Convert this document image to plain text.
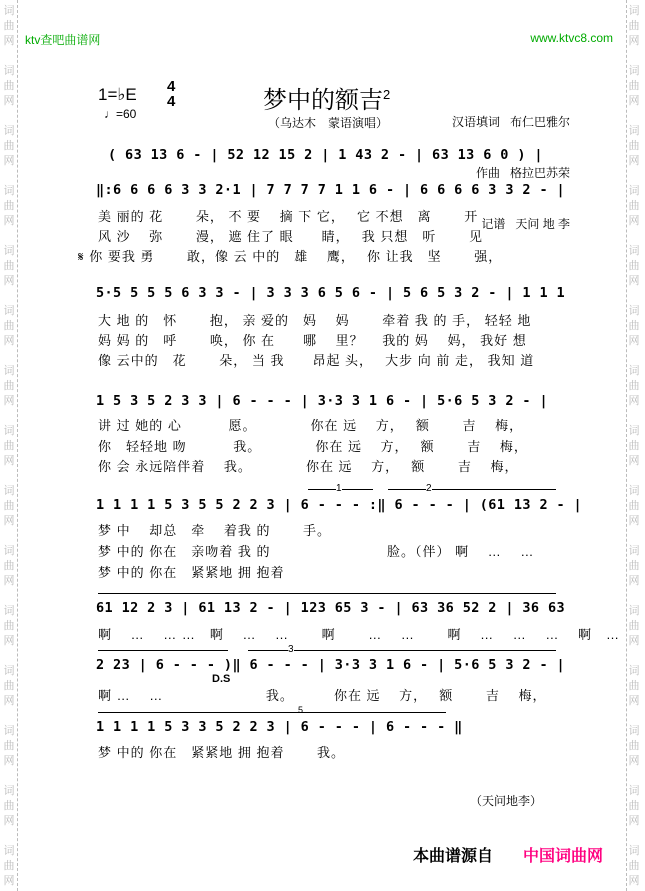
词
曲
网
词
曲
网
词
曲
网
词
曲
网
词
曲
网
词
曲
网
词
曲
网
词
曲
网
词
曲
网
词
曲
网
词
曲
网
词
曲
网
词
曲
网
词
曲
网
词
曲
网
词
曲
网
词
曲
网
词
曲
网
词
曲
网
词
曲
网
词
曲
网
词
曲
网
词
曲
网
词
曲
网
词
曲
网
词
曲
网
词
曲
网
词
曲
网
词
曲
网
词
曲
网
ktv查吧曲谱网	www.ktvc8.com
1=♭E 4
4
♩=60	梦中的额吉$^2$
（乌达木　蒙语演唱）

	汉语填词 布仁巴雅尔

作曲 格拉巴苏荣

记谱 天问 地 李

( 63 13 6 - | 52 12 15 2 | 1 43 2 - | 63 13 6 0 ) |
‖:6 6 6 6 3 3 2·1 | 7 7 7 7 1 1 6 - | 6 6 6 6 3 3 2 - |
美 丽的 花　　 朵， 不 要　 摘 下 它，　 它 不想　离　　 开
风 沙　 弥　　 漫， 遮 住了 眼　　睛，　 我 只想　听　　 见
𝄋 你 要我 勇　　 敢，像 云 中的　雄　 鹰，　 你 让我　坚　　 强，
5·5 5 5 5 6 3 3 - | 3 3 3 6 5 6 - | 5 6 5 3 2 - | 1 1 1
大 地 的　怀　　 抱， 亲 爱的　妈　 妈　　 牵着 我 的 手， 轻轻 地
妈 妈 的　呼　　 唤， 你 在　　哪　 里？　 我的 妈　 妈， 我好 想
像 云中的　花　　 朵， 当 我　　昂起 头，　 大步 向 前 走， 我知 道
1 5 3 5 2 3 3 | 6 - - - | 3·3 3 1 6 - | 5·6 5 3 2 - |
讲 过 她的 心　　　 愿。　　　　 你在 远　 方，　 额　　 吉　 梅，
你　轻轻地 吻　　　 我。　　　　 你在 远　 方，　 额　　 吉　 梅，
你 会 永远陪伴着　 我。　　　　 你在 远　 方，　 额　　 吉　 梅，
1 1 1 1 5 3 5 5 2 2 3 | 6 - - - :‖ 6 - - - | (61 13 2 - |
梦 中　 却总　牵　 着我 的　　 手。
梦 中的 你在　亲吻着 我 的　　　　　　　　 脸。（伴） 啊　 …　 …
梦 中的 你在　紧紧地 拥 抱着
61 12 2 3 | 61 13 2 - | 123 65 3 - | 63 36 52 2 | 36 63
啊　 …　 … …　啊　 …　 …　　 啊　　 …　 …　　 啊　 …　 …　 …　 啊　…
2 23 | 6 - - - )‖ 6 - - - | 3·3 3 1 6 - | 5·6 5 3 2 - |
啊 …　 …　　　　　　　 我。　　　 你在 远　 方，　 额　　 吉　 梅，
1 1 1 1 5 3 3 5 2 2 3 | 6 - - - | 6 - - - ‖
梦 中的 你在　紧紧地 拥 抱着　　 我。
1	2
D.S
3
5
（天问地李）
本曲谱源自 中国词曲网
